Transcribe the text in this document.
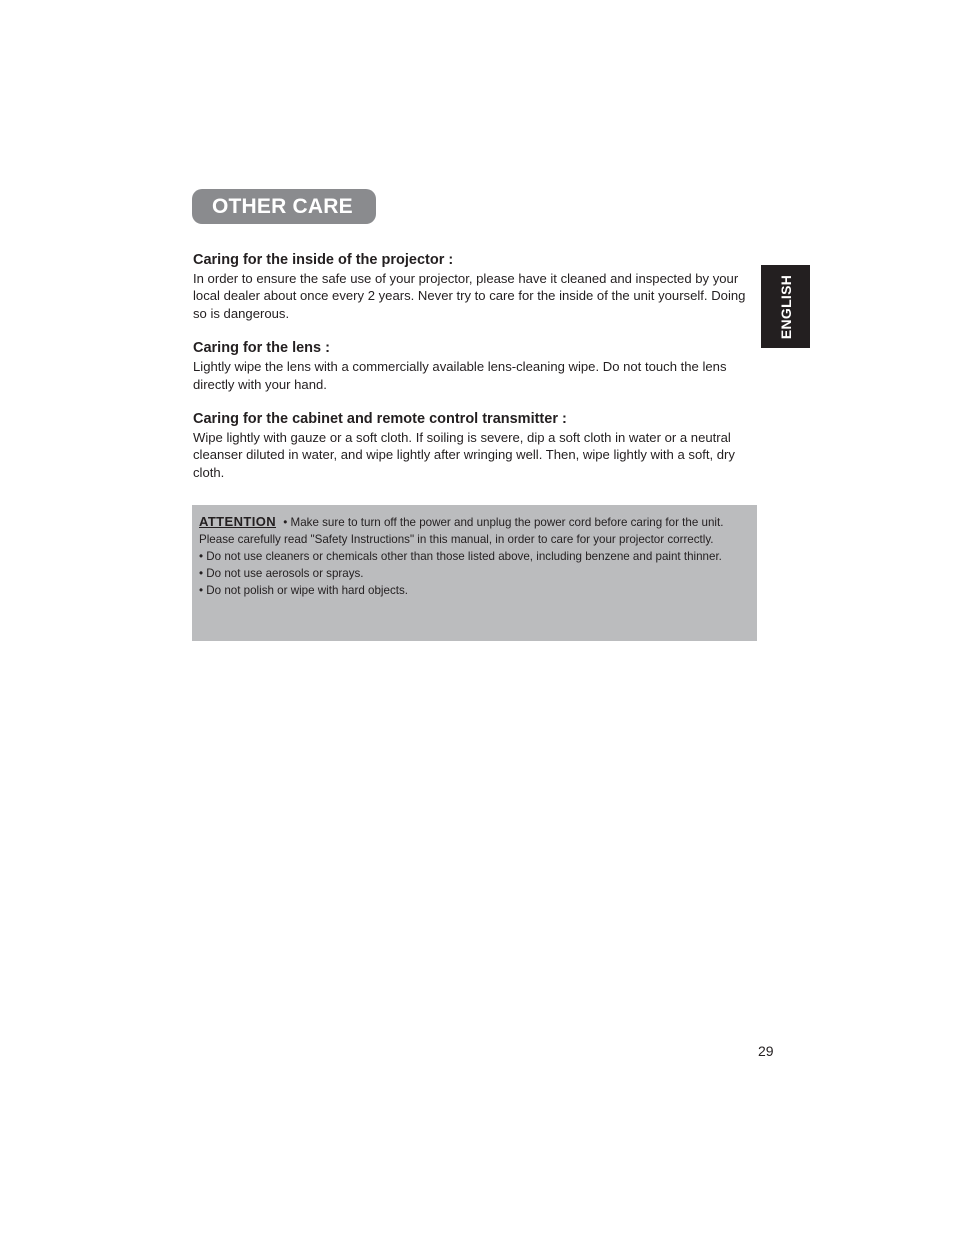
OTHER CARE
ENGLISH
Caring for the inside of the projector :

In order to ensure the safe use of your projector, please have it cleaned and inspected by your local dealer about once every 2 years. Never try to care for the inside of the unit yourself. Doing so is dangerous.

Caring for the lens :

Lightly wipe the lens with a commercially available lens-cleaning wipe. Do not touch the lens directly with your hand.

Caring for the cabinet and remote control transmitter :

Wipe lightly with gauze or a soft cloth. If soiling is severe, dip a soft cloth in water or a neutral cleanser diluted in water, and wipe lightly after wringing well. Then, wipe lightly with a soft, dry cloth.

ATTENTION • Make sure to turn off the power and unplug the power cord before caring for the unit. Please carefully read "Safety Instructions" in this manual, in order to care for your projector correctly.

• Do not use cleaners or chemicals other than those listed above, including benzene and paint thinner.

• Do not use aerosols or sprays.

• Do not polish or wipe with hard objects.

29
